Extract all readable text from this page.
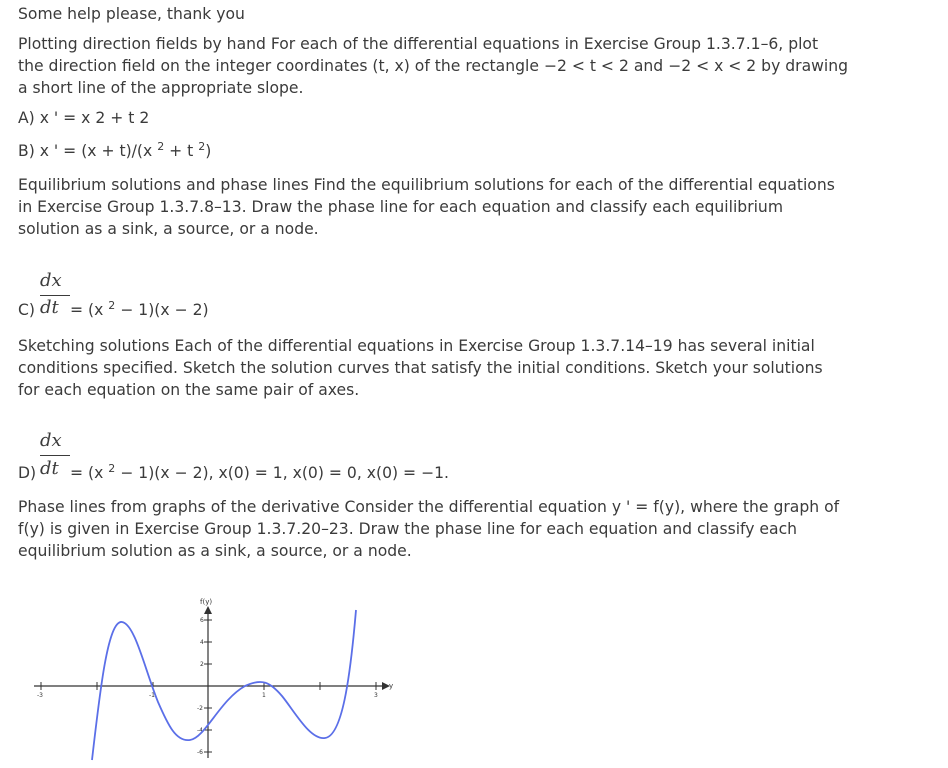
Some help please, thank you

Plotting direction fields by hand For each of the differential equations in Exercise Group 1.3.7.1–6, plot the direction field on the integer coordinates (t, x) of the rectangle −2 < t < 2 and −2 < x < 2 by drawing a short line of the appropriate slope.

A) x ' = x 2 + t 2
B) x ' = (x + t)/(x $^2$ + t $^2$)

Equilibrium solutions and phase lines Find the equilibrium solutions for each of the differential equations in Exercise Group 1.3.7.8–13. Draw the phase line for each equation and classify each equilibrium solution as a sink, a source, or a node.

dx
C) dt = (x $^2$ − 1)(x − 2)

Sketching solutions Each of the differential equations in Exercise Group 1.3.7.14–19 has several initial conditions specified. Sketch the solution curves that satisfy the initial conditions. Sketch your solutions for each equation on the same pair of axes.

dx
D) dt = (x $^2$ − 1)(x − 2), x(0) = 1, x(0) = 0, x(0) = −1.

Phase lines from graphs of the derivative Consider the differential equation y ' = f(y), where the graph of f(y) is given in Exercise Group 1.3.7.20–23. Draw the phase line for each equation and classify each equilibrium solution as a sink, a source, or a node.

f(y)
y
6
4
2
-2
-4
-6
-3	-1	1	3
